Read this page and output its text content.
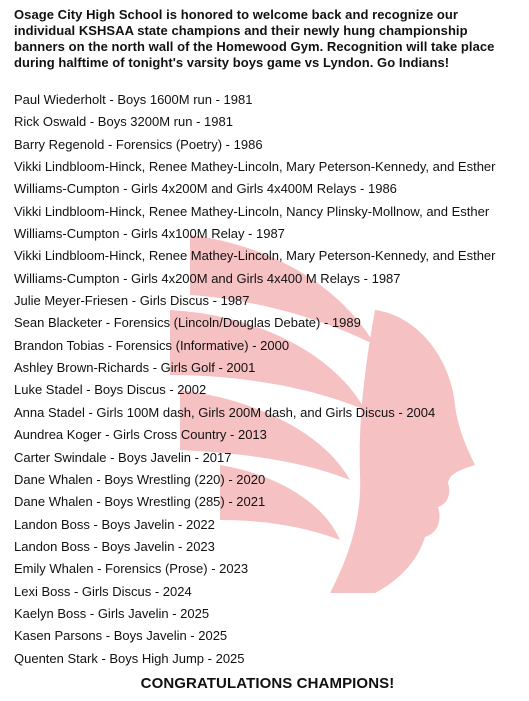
Osage City High School is honored to welcome back and recognize our individual KSHSAA state champions and their newly hung championship banners on the north wall of the Homewood Gym. Recognition will take place during halftime of tonight's varsity boys game vs Lyndon. Go Indians!

Paul Wiederholt - Boys 1600M run - 1981
Rick Oswald - Boys 3200M run - 1981
Barry Regenold - Forensics (Poetry) - 1986
Vikki Lindbloom-Hinck, Renee Mathey-Lincoln, Mary Peterson-Kennedy, and Esther
Williams-Cumpton - Girls 4x200M and Girls 4x400M Relays - 1986
Vikki Lindbloom-Hinck, Renee Mathey-Lincoln, Nancy Plinsky-Mollnow, and Esther
Williams-Cumpton - Girls 4x100M Relay - 1987
Vikki Lindbloom-Hinck, Renee Mathey-Lincoln, Mary Peterson-Kennedy, and Esther
Williams-Cumpton - Girls 4x200M and Girls 4x400 M Relays - 1987
Julie Meyer-Friesen - Girls Discus - 1987
Sean Blacketer - Forensics (Lincoln/Douglas Debate) - 1989
Brandon Tobias - Forensics (Informative) - 2000
Ashley Brown-Richards - Girls Golf - 2001
Luke Stadel - Boys Discus - 2002
Anna Stadel - Girls 100M dash, Girls 200M dash, and Girls Discus - 2004
Aundrea Koger - Girls Cross Country - 2013
Carter Swindale - Boys Javelin - 2017
Dane Whalen - Boys Wrestling (220) - 2020
Dane Whalen - Boys Wrestling (285) - 2021
Landon Boss - Boys Javelin - 2022
Landon Boss - Boys Javelin - 2023
Emily Whalen - Forensics (Prose) - 2023
Lexi Boss - Girls Discus - 2024
Kaelyn Boss - Girls Javelin - 2025
Kasen Parsons - Boys Javelin - 2025
Quenten Stark - Boys High Jump - 2025
CONGRATULATIONS CHAMPIONS!
